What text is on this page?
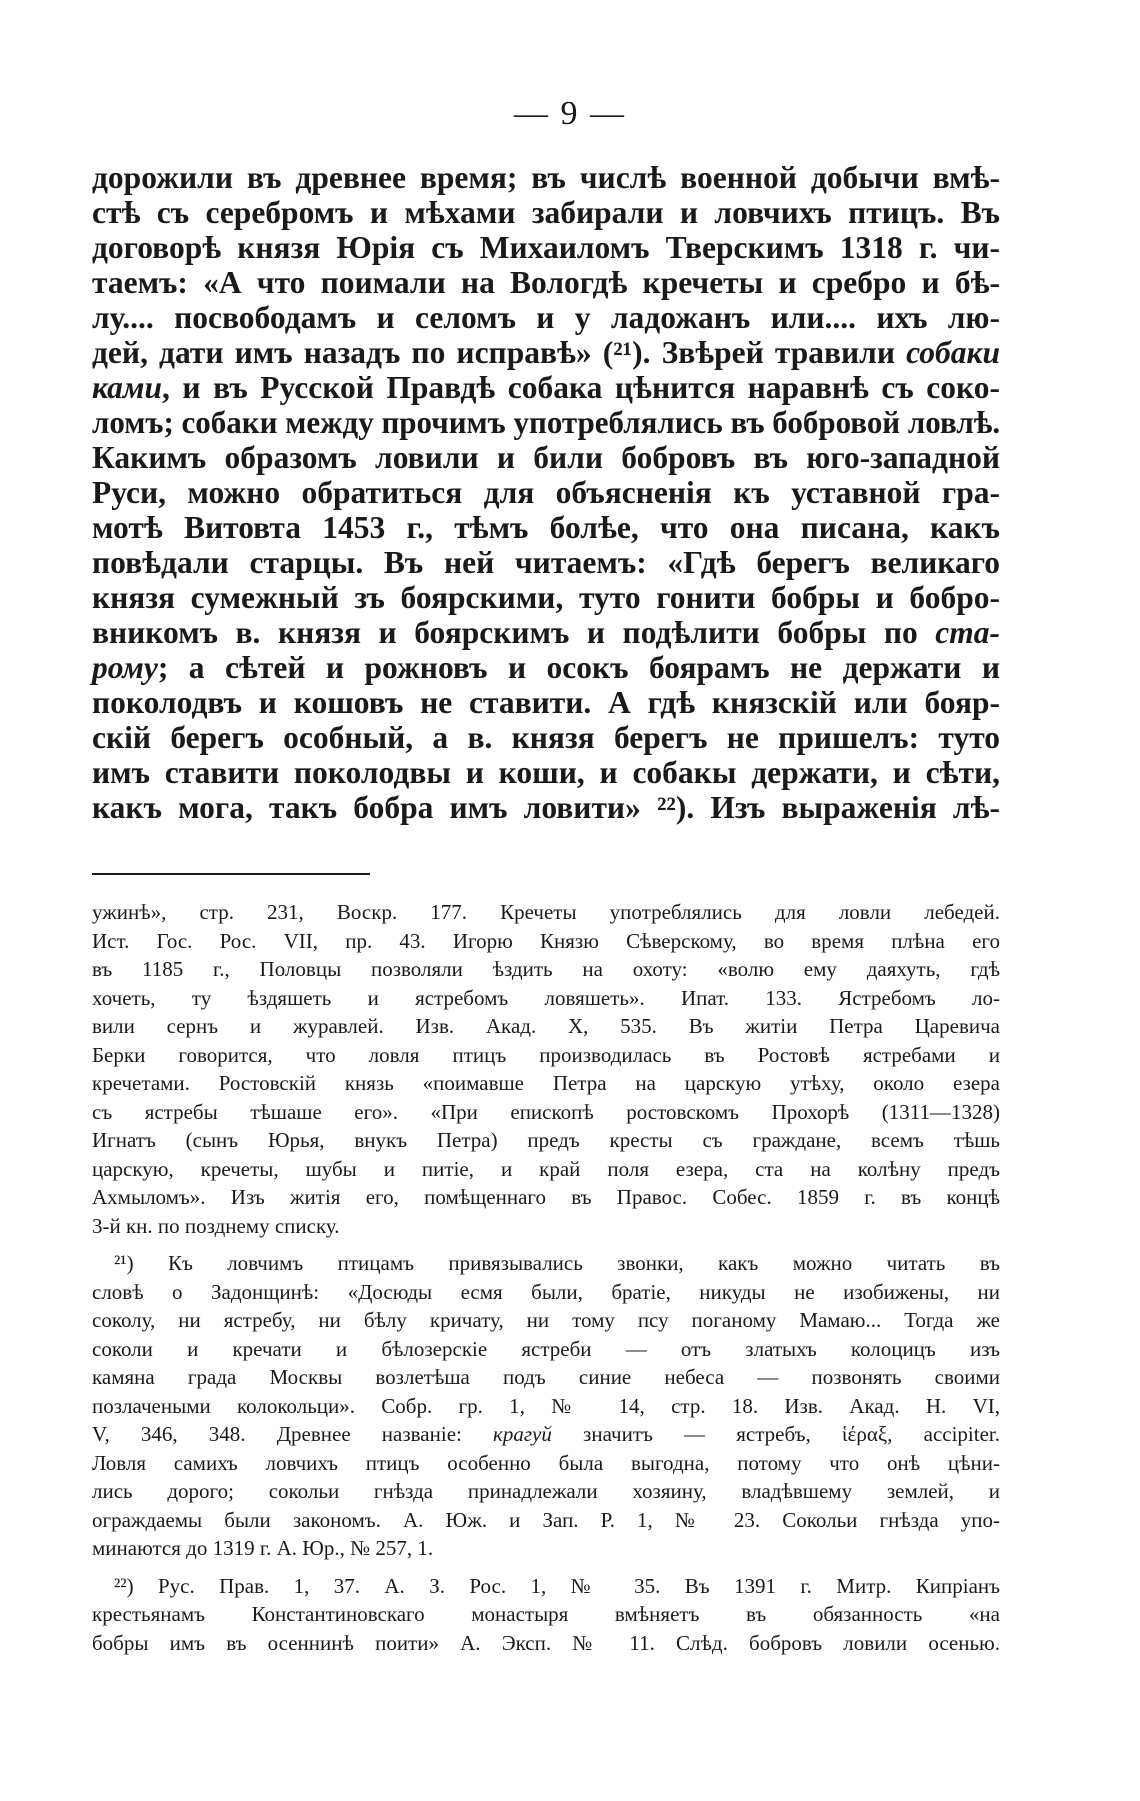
— 9 —
дорожили въ древнее время; въ числѣ военной добычи вмѣ-
стѣ съ серебромъ и мѣхами забирали и ловчихъ птицъ. Въ
договорѣ князя Юрія съ Михаиломъ Тверскимъ 1318 г. чи-
таемъ: «А что поимали на Вологдѣ кречеты и сребро и бѣ-
лу.... посвободамъ и селомъ и у ладожанъ или.... ихъ лю-
дей, дати имъ назадъ по исправѣ» (²¹). Звѣрей травили собаки
ками, и въ Русской Правдѣ собака цѣнится наравнѣ съ соко-
ломъ; собаки между прочимъ употреблялись въ бобровой ловлѣ.
Какимъ образомъ ловили и били бобровъ въ юго-западной
Руси, можно обратиться для объясненія къ уставной гра-
мотѣ Витовта 1453 г., тѣмъ болѣе, что она писана, какъ
повѣдали старцы. Въ ней читаемъ: «Гдѣ берегъ великаго
князя сумежный зъ боярскими, туто гонити бобры и бобро-
вникомъ в. князя и боярскимъ и подѣлити бобры по ста-
рому; а сѣтей и рожновъ и осокъ боярамъ не держати и
поколодвъ и кошовъ не ставити. А гдѣ князскій или бояр-
скій берегъ особный, а в. князя берегъ не пришелъ: туто
имъ ставити поколодвы и коши, и собакы держати, и сѣти,
какъ мога, такъ бобра имъ ловити» ²²). Изъ выраженія лѣ-
ужинѣ», стр. 231, Воскр. 177. Кречеты употреблялись для ловли лебедей.
Ист. Гос. Рос. VII, пр. 43. Игорю Князю Сѣверскому, во время плѣна его
въ 1185 г., Половцы позволяли ѣздить на охоту: «волю ему даяхуть, гдѣ
хочеть, ту ѣздяшеть и ястребомъ ловяшеть». Ипат. 133. Ястребомъ ло-
вили сернъ и журавлей. Изв. Акад. X, 535. Въ житіи Петра Царевича
Берки говорится, что ловля птицъ производилась въ Ростовѣ ястребами и
кречетами. Ростовскій князь «поимавше Петра на царскую утѣху, около езера
съ ястребы тѣшаше его». «При епископѣ ростовскомъ Прохорѣ (1311—1328)
Игнатъ (сынъ Юрья, внукъ Петра) предъ кресты съ граждане, всемъ тѣшь
царскую, кречеты, шубы и питіе, и край поля езера, ста на колѣну предъ
Ахмыломъ». Изъ житія его, помѣщеннаго въ Правос. Собес. 1859 г. въ концѣ
3-й кн. по позднему списку.
²¹) Къ ловчимъ птицамъ привязывались звонки, какъ можно читать въ
словѣ о Задонщинѣ: «Досюды есмя были, братіе, никуды не изобижены, ни
соколу, ни ястребу, ни бѣлу кричату, ни тому псу поганому Мамаю... Тогда же
соколи и кречати и бѣлозерскіе ястреби — отъ златыхъ колоцицъ изъ
камяна града Москвы возлетѣша подъ синие небеса — позвонять своими
позлачеными колокольци». Собр. гр. 1, № 14, стр. 18. Изв. Акад. Н. VI,
V, 346, 348. Древнее названіе: крагуй значитъ — ястребъ, ἱέραξ, accipiter.
Ловля самихъ ловчихъ птицъ особенно была выгодна, потому что онѣ цѣни-
лись дорого; сокольи гнѣзда принадлежали хозяину, владѣвшему землей, и
ограждаемы были закономъ. А. Юж. и Зап. Р. 1, № 23. Сокольи гнѣзда упо-
минаются до 1319 г. А. Юр., № 257, 1.
²²) Рус. Прав. 1, 37. А. З. Рос. 1, № 35. Въ 1391 г. Митр. Кипріанъ
крестьянамъ Константиновскаго монастыря вмѣняетъ въ обязанность «на
бобры имъ въ осеннинѣ поити» А. Эксп. № 11. Слѣд. бобровъ ловили осенью.
